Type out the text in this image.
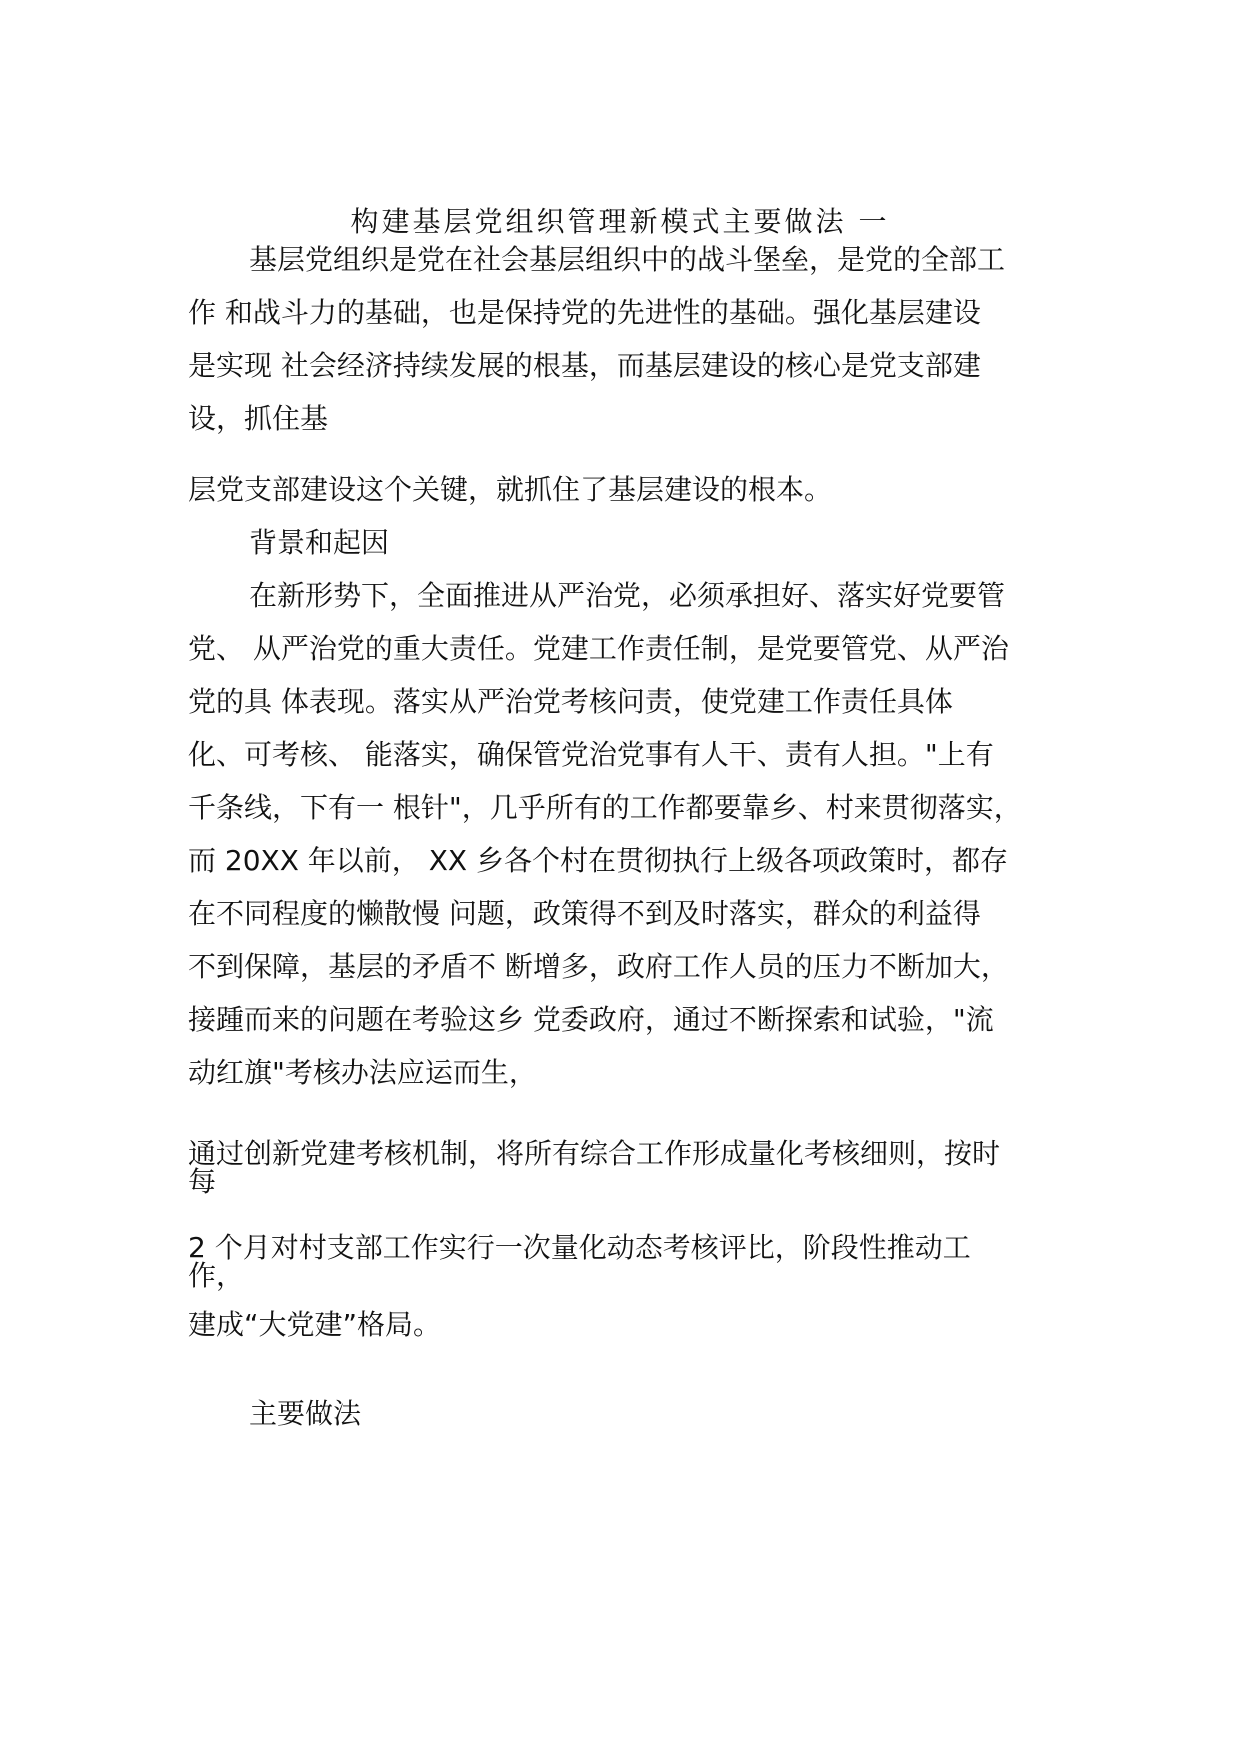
构建基层党组织管理新模式主要做法 一
基层党组织是党在社会基层组织中的战斗堡垒，是党的全部工
作 和战斗力的基础，也是保持党的先进性的基础。强化基层建设
是实现 社会经济持续发展的根基，而基层建设的核心是党支部建
设，抓住基
层党支部建设这个关键，就抓住了基层建设的根本。
背景和起因
在新形势下，全面推进从严治党，必须承担好、落实好党要管
党、 从严治党的重大责任。党建工作责任制，是党要管党、从严治
党的具 体表现。落实从严治党考核问责，使党建工作责任具体
化、可考核、 能落实，确保管党治党事有人干、责有人担。"上有
千条线，下有一 根针"，几乎所有的工作都要靠乡、村来贯彻落实，
而 20XX 年以前， XX 乡各个村在贯彻执行上级各项政策时，都存
在不同程度的懒散慢 问题，政策得不到及时落实，群众的利益得
不到保障，基层的矛盾不 断增多，政府工作人员的压力不断加大，
接踵而来的问题在考验这乡 党委政府，通过不断探索和试验，"流
动红旗"考核办法应运而生，
通过创新党建考核机制，将所有综合工作形成量化考核细则，按时
每
2 个月对村支部工作实行一次量化动态考核评比，阶段性推动工
作，
建成“大党建”格局。
主要做法
